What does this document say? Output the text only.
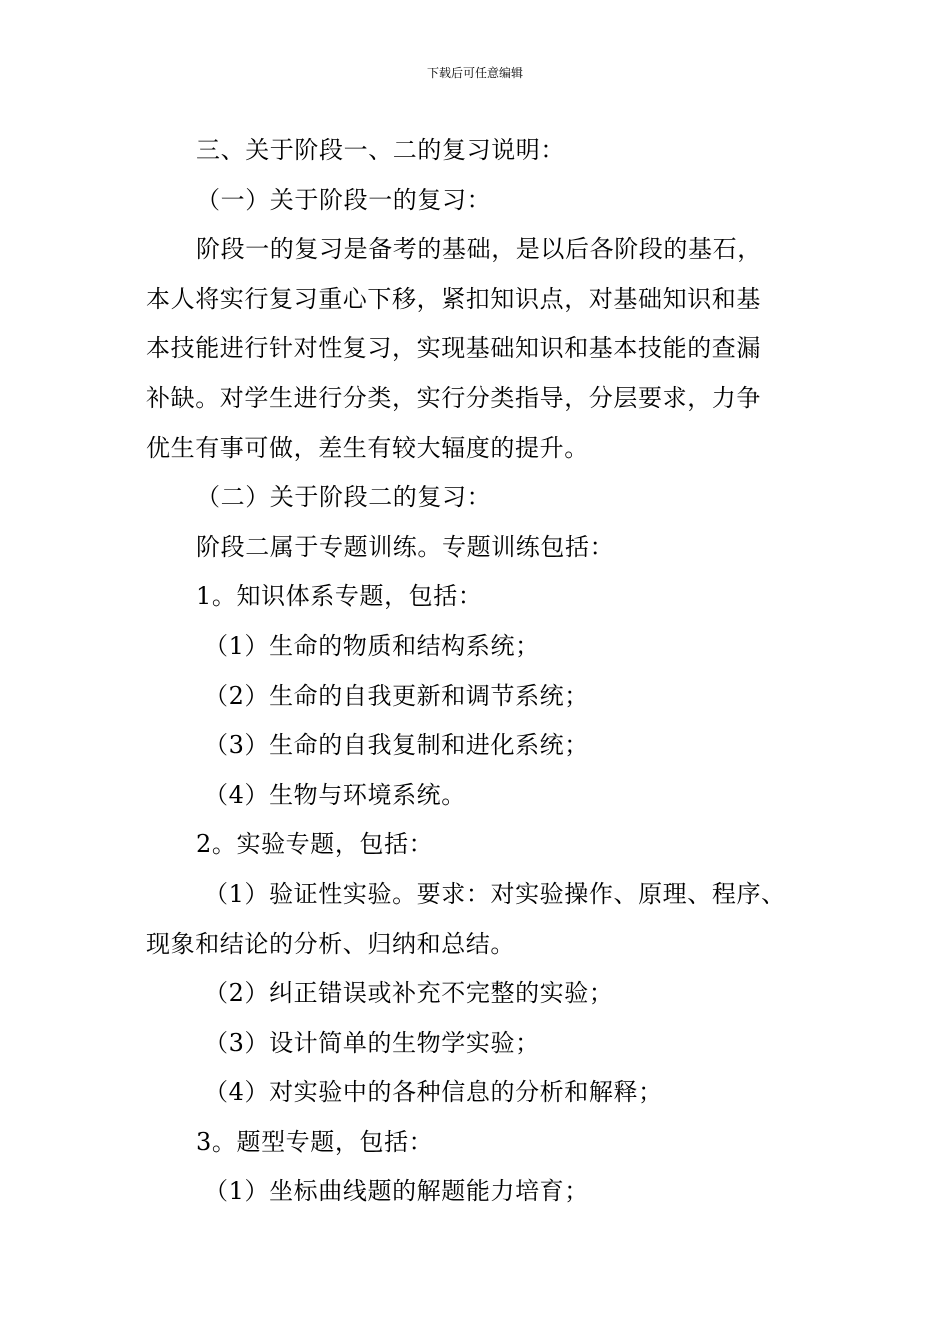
下载后可任意编辑
三、关于阶段一、二的复习说明：
（一）关于阶段一的复习：
阶段一的复习是备考的基础，是以后各阶段的基石，
本人将实行复习重心下移，紧扣知识点，对基础知识和基
本技能进行针对性复习，实现基础知识和基本技能的查漏
补缺。对学生进行分类，实行分类指导，分层要求，力争
优生有事可做，差生有较大辐度的提升。
（二）关于阶段二的复习：
阶段二属于专题训练。专题训练包括：
1。知识体系专题，包括：
（1）生命的物质和结构系统；
（2）生命的自我更新和调节系统；
（3）生命的自我复制和进化系统；
（4）生物与环境系统。
2。实验专题，包括：
（1）验证性实验。要求：对实验操作、原理、程序、
现象和结论的分析、归纳和总结。
（2）纠正错误或补充不完整的实验；
（3）设计简单的生物学实验；
（4）对实验中的各种信息的分析和解释；
3。题型专题，包括：
（1）坐标曲线题的解题能力培育；
